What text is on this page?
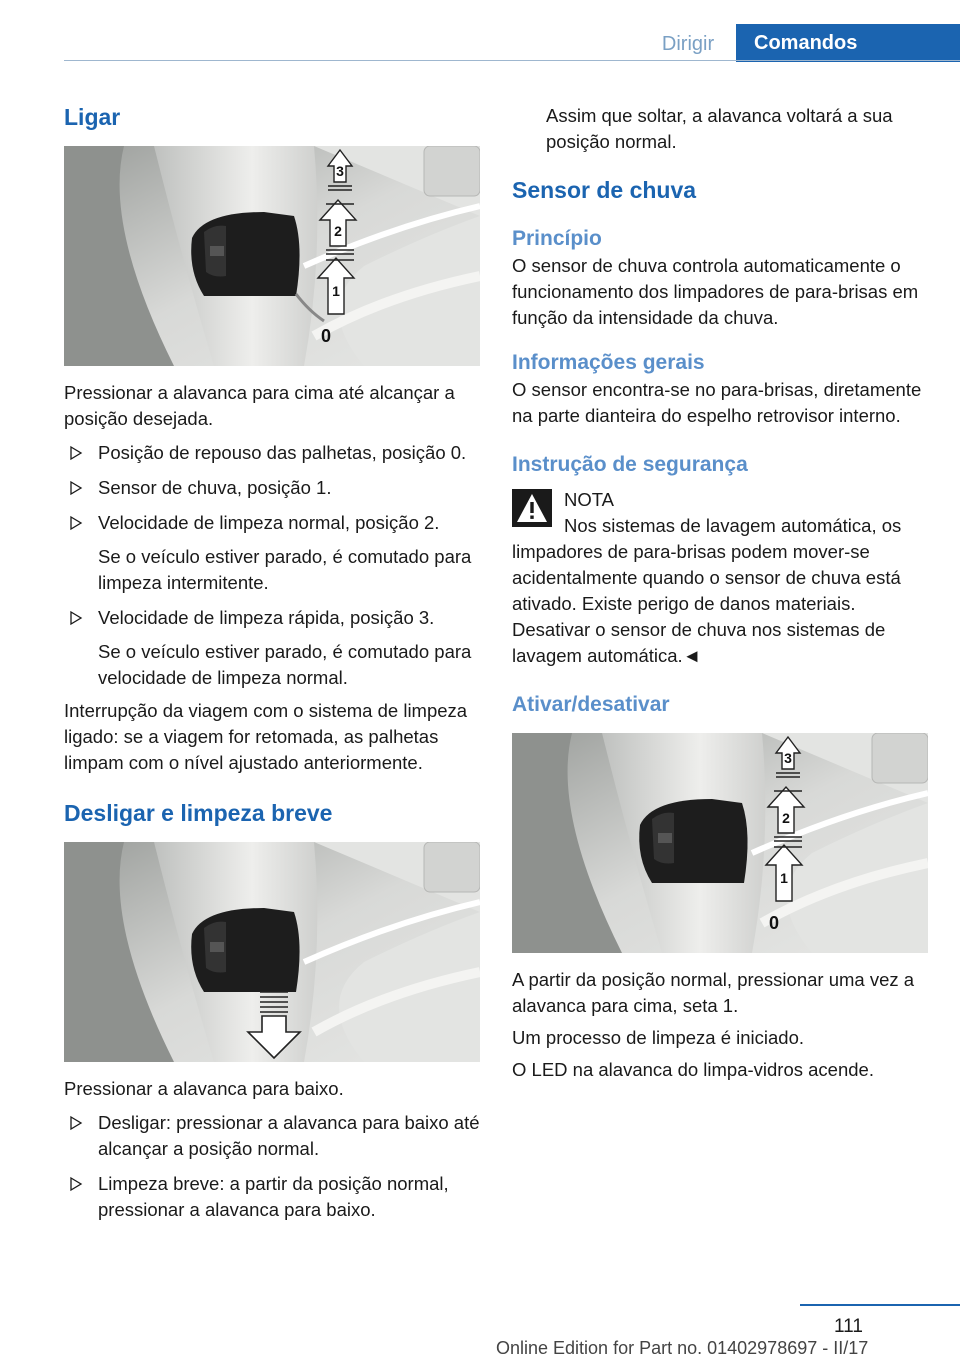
Dirigir	Comandos
Ligar
3
2
1
0

Pressionar a alavanca para cima até alcançar a posição desejada.

Posição de repouso das palhetas, posição 0.
Sensor de chuva, posição 1.
Velocidade de limpeza normal, posição 2.
Se o veículo estiver parado, é comutado para limpeza intermitente.
Velocidade de limpeza rápida, posição 3.
Se o veículo estiver parado, é comutado para velocidade de limpeza normal.

Interrupção da viagem com o sistema de limpeza ligado: se a viagem for retomada, as palhetas limpam com o nível ajustado anteriormente.

Desligar e limpeza breve

Pressionar a alavanca para baixo.

Desligar: pressionar a alavanca para baixo até alcançar a posição normal.
Limpeza breve: a partir da posição normal, pressionar a alavanca para baixo.

Assim que soltar, a alavanca voltará a sua posição normal.

Sensor de chuva
Princípio

O sensor de chuva controla automaticamente o funcionamento dos limpadores de para-brisas em função da intensidade da chuva.

Informações gerais

O sensor encontra-se no para-brisas, diretamente na parte dianteira do espelho retrovisor interno.

Instrução de segurança
NOTA

Nos sistemas de lavagem automática, os limpadores de para-brisas podem mover-se acidentalmente quando o sensor de chuva está ativado. Existe perigo de danos materiais. Desativar o sensor de chuva nos sistemas de lavagem automática.◄

Ativar/desativar
3
2
1
0

A partir da posição normal, pressionar uma vez a alavanca para cima, seta 1.

Um processo de limpeza é iniciado.

O LED na alavanca do limpa-vidros acende.

111
Online Edition for Part no. 01402978697 - II/17
